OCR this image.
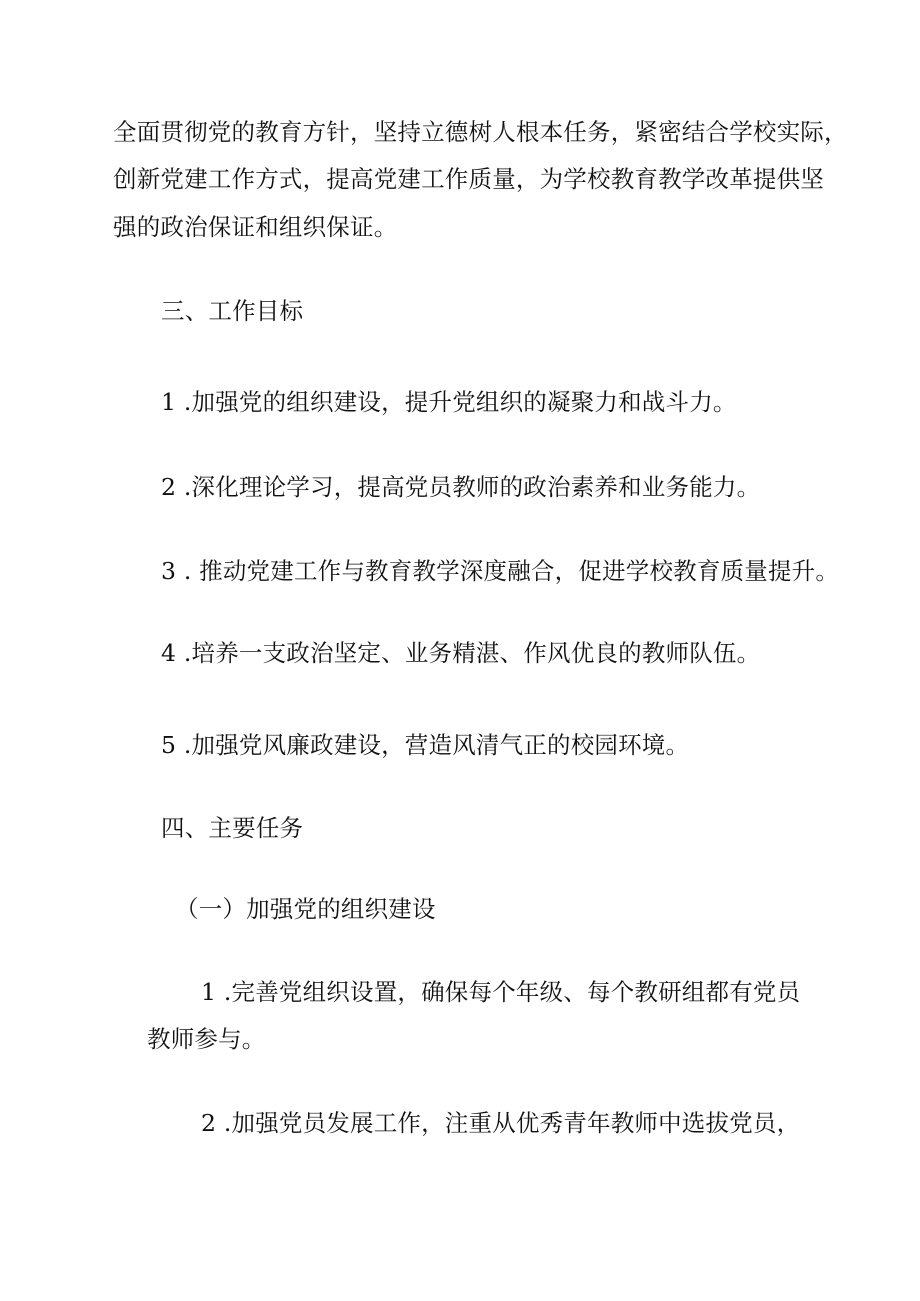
全面贯彻党的教育方针，坚持立德树人根本任务，紧密结合学校实际，
创新党建工作方式，提高党建工作质量，为学校教育教学改革提供坚
强的政治保证和组织保证。
三、工作目标
1 .加强党的组织建设，提升党组织的凝聚力和战斗力。
2 .深化理论学习，提高党员教师的政治素养和业务能力。
3 . 推动党建工作与教育教学深度融合，促进学校教育质量提升。
4 .培养一支政治坚定、业务精湛、作风优良的教师队伍。
5 .加强党风廉政建设，营造风清气正的校园环境。
四、主要任务
（一）加强党的组织建设
1 .完善党组织设置，确保每个年级、每个教研组都有党员
教师参与。
2 .加强党员发展工作，注重从优秀青年教师中选拔党员，
